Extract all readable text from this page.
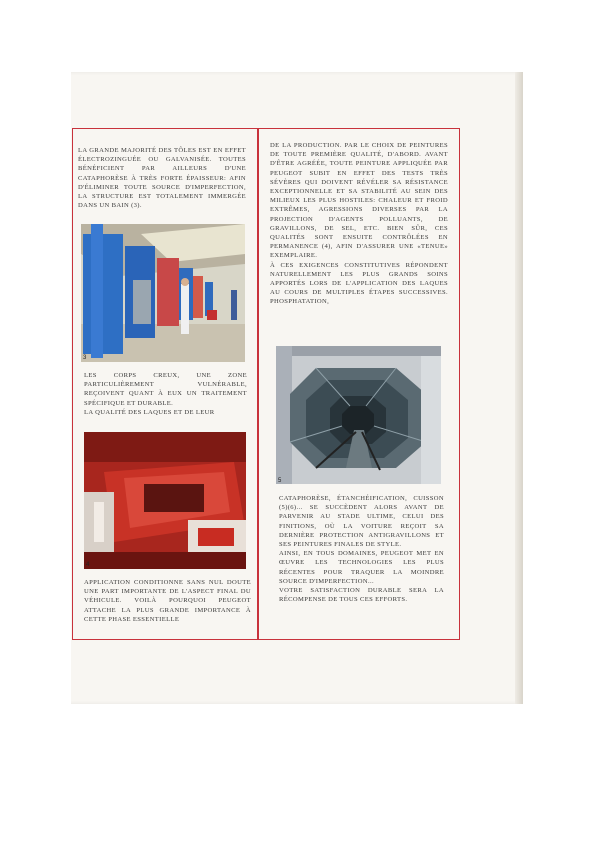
LA GRANDE MAJORITÉ DES TÔLES EST EN EFFET ÉLECTROZINGUÉE OU GALVANISÉE. TOUTES BÉNÉFICIENT PAR AILLEURS D'UNE CATAPHORÈSE À TRÈS FORTE ÉPAISSEUR: AFIN D'ÉLIMINER TOUTE SOURCE D'IMPERFECTION, LA STRUCTURE EST TOTALEMENT IMMERGÉE DANS UN BAIN (3).

3

LES CORPS CREUX, UNE ZONE PARTICULIÈREMENT VULNÉRABLE, REÇOIVENT QUANT À EUX UN TRAITEMENT SPÉCIFIQUE ET DURABLE.

LA QUALITÉ DES LAQUES ET DE LEUR

4

APPLICATION CONDITIONNE SANS NUL DOUTE UNE PART IMPORTANTE DE L'ASPECT FINAL DU VÉHICULE. VOILÀ POURQUOI PEUGEOT ATTACHE LA PLUS GRANDE IMPORTANCE À CETTE PHASE ESSENTIELLE

DE LA PRODUCTION. PAR LE CHOIX DE PEINTURES DE TOUTE PREMIÈRE QUALITÉ, D'ABORD. AVANT D'ÊTRE AGRÉÉE, TOUTE PEINTURE APPLIQUÉE PAR PEUGEOT SUBIT EN EFFET DES TESTS TRÈS SÉVÈRES QUI DOIVENT RÉVÉLER SA RÉSISTANCE EXCEPTIONNELLE ET SA STABILITÉ AU SEIN DES MILIEUX LES PLUS HOSTILES: CHALEUR ET FROID EXTRÊMES, AGRESSIONS DIVERSES PAR LA PROJECTION D'AGENTS POLLUANTS, DE GRAVILLONS, DE SEL, ETC. BIEN SÛR, CES QUALITÉS SONT ENSUITE CONTRÔLÉES EN PERMANENCE (4), AFIN D'ASSURER UNE «TENUE» EXEMPLAIRE.

À CES EXIGENCES CONSTITUTIVES RÉPONDENT NATURELLEMENT LES PLUS GRANDS SOINS APPORTÉS LORS DE L'APPLICATION DES LAQUES AU COURS DE MULTIPLES ÉTAPES SUCCESSIVES. PHOSPHATATION,

5

CATAPHORÈSE, ÉTANCHÉIFICATION, CUISSON (5)(6)... SE SUCCÈDENT ALORS AVANT DE PARVENIR AU STADE ULTIME, CELUI DES FINITIONS, OÙ LA VOITURE REÇOIT SA DERNIÈRE PROTECTION ANTIGRAVILLONS ET SES PEINTURES FINALES DE STYLE.

AINSI, EN TOUS DOMAINES, PEUGEOT MET EN ŒUVRE LES TECHNOLOGIES LES PLUS RÉCENTES POUR TRAQUER LA MOINDRE SOURCE D'IMPERFECTION...

VOTRE SATISFACTION DURABLE SERA LA RÉCOMPENSE DE TOUS CES EFFORTS.
